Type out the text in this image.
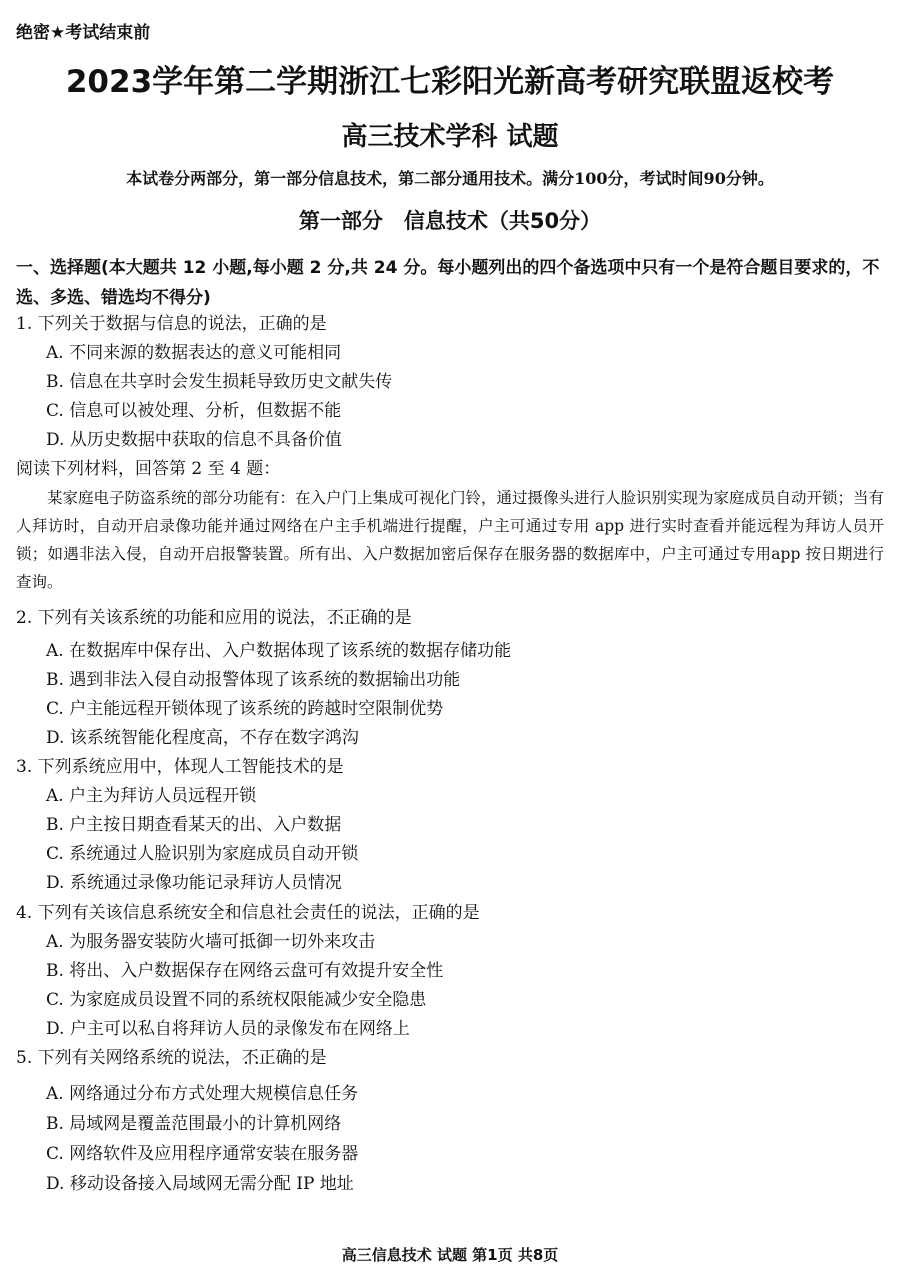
绝密★考试结束前
2023学年第二学期浙江七彩阳光新高考研究联盟返校考
高三技术学科 试题
本试卷分两部分，第一部分信息技术，第二部分通用技术。满分100分，考试时间90分钟。
第一部分　信息技术（共50分）
一、选择题(本大题共 12 小题,每小题 2 分,共 24 分。每小题列出的四个备选项中只有一个是符合题目要求的，不选、多选、错选均不得分)
1. 下列关于数据与信息的说法，正确的是
A. 不同来源的数据表达的意义可能相同
B. 信息在共享时会发生损耗导致历史文献失传
C. 信息可以被处理、分析，但数据不能
D. 从历史数据中获取的信息不具备价值
阅读下列材料，回答第 2 至 4 题：
某家庭电子防盗系统的部分功能有：在入户门上集成可视化门铃，通过摄像头进行人脸识别实现为家庭成员自动开锁；当有人拜访时，自动开启录像功能并通过网络在户主手机端进行提醒，户主可通过专用 app 进行实时查看并能远程为拜访人员开锁；如遇非法入侵，自动开启报警装置。所有出、入户数据加密后保存在服务器的数据库中，户主可通过专用app 按日期进行查询。
2. 下列有关该系统的功能和应用的说法，不正确 •••的是
A. 在数据库中保存出、入户数据体现了该系统的数据存储功能
B. 遇到非法入侵自动报警体现了该系统的数据输出功能
C. 户主能远程开锁体现了该系统的跨越时空限制优势
D. 该系统智能化程度高，不存在数字鸿沟
3. 下列系统应用中，体现人工智能技术的是
A. 户主为拜访人员远程开锁
B. 户主按日期查看某天的出、入户数据
C. 系统通过人脸识别为家庭成员自动开锁
D. 系统通过录像功能记录拜访人员情况
4. 下列有关该信息系统安全和信息社会责任的说法，正确的是
A. 为服务器安装防火墙可抵御一切外来攻击
B. 将出、入户数据保存在网络云盘可有效提升安全性
C. 为家庭成员设置不同的系统权限能减少安全隐患
D. 户主可以私自将拜访人员的录像发布在网络上
5. 下列有关网络系统的说法，不正确 •••的是
A. 网络通过分布方式处理大规模信息任务
B. 局域网是覆盖范围最小的计算机网络
C. 网络软件及应用程序通常安装在服务器
D. 移动设备接入局域网无需分配 IP 地址
高三信息技术 试题 第1页 共8页
